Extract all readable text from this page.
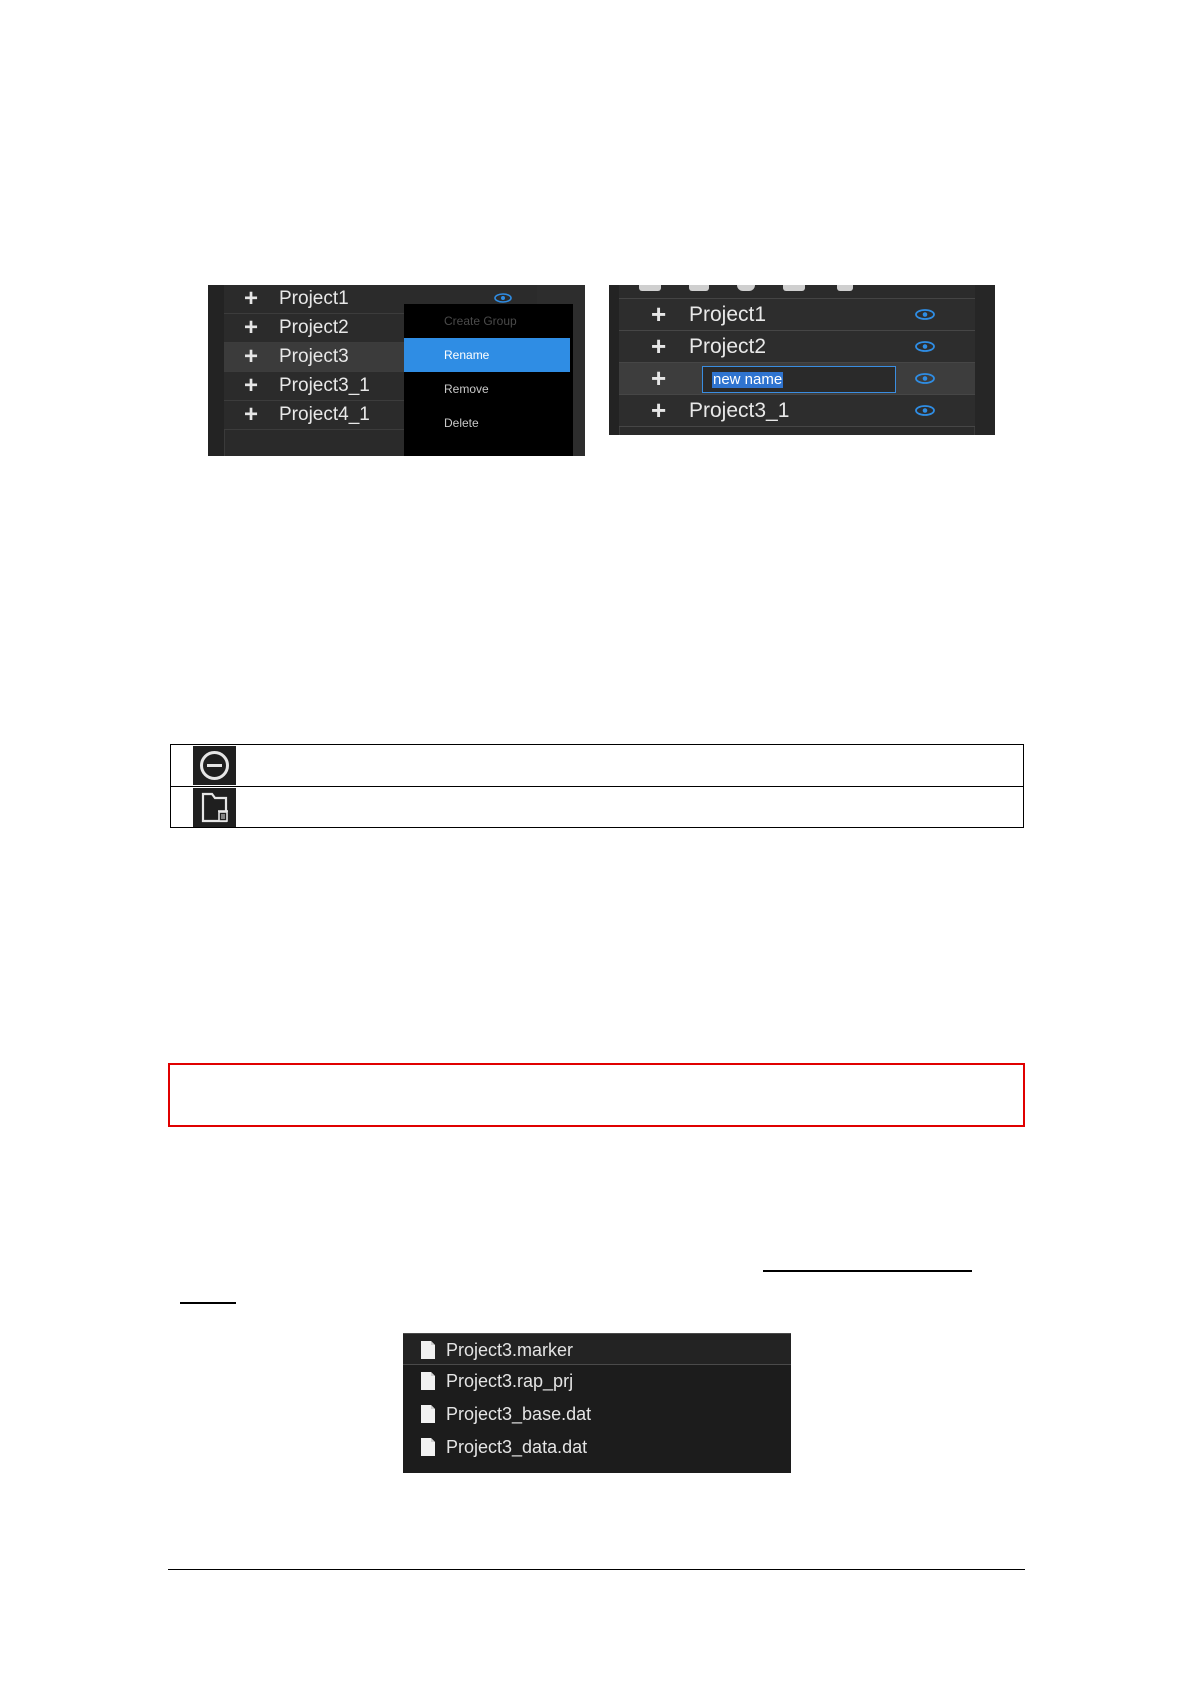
+ Project1
+ Project2
+ Project3
+ Project3_1
+ Project4_1
Create Group
Rename
Remove
Delete
+ Project1
+ Project2
+	new name
+ Project3_1
Project3.marker
Project3.rap_prj
Project3_base.dat
Project3_data.dat
